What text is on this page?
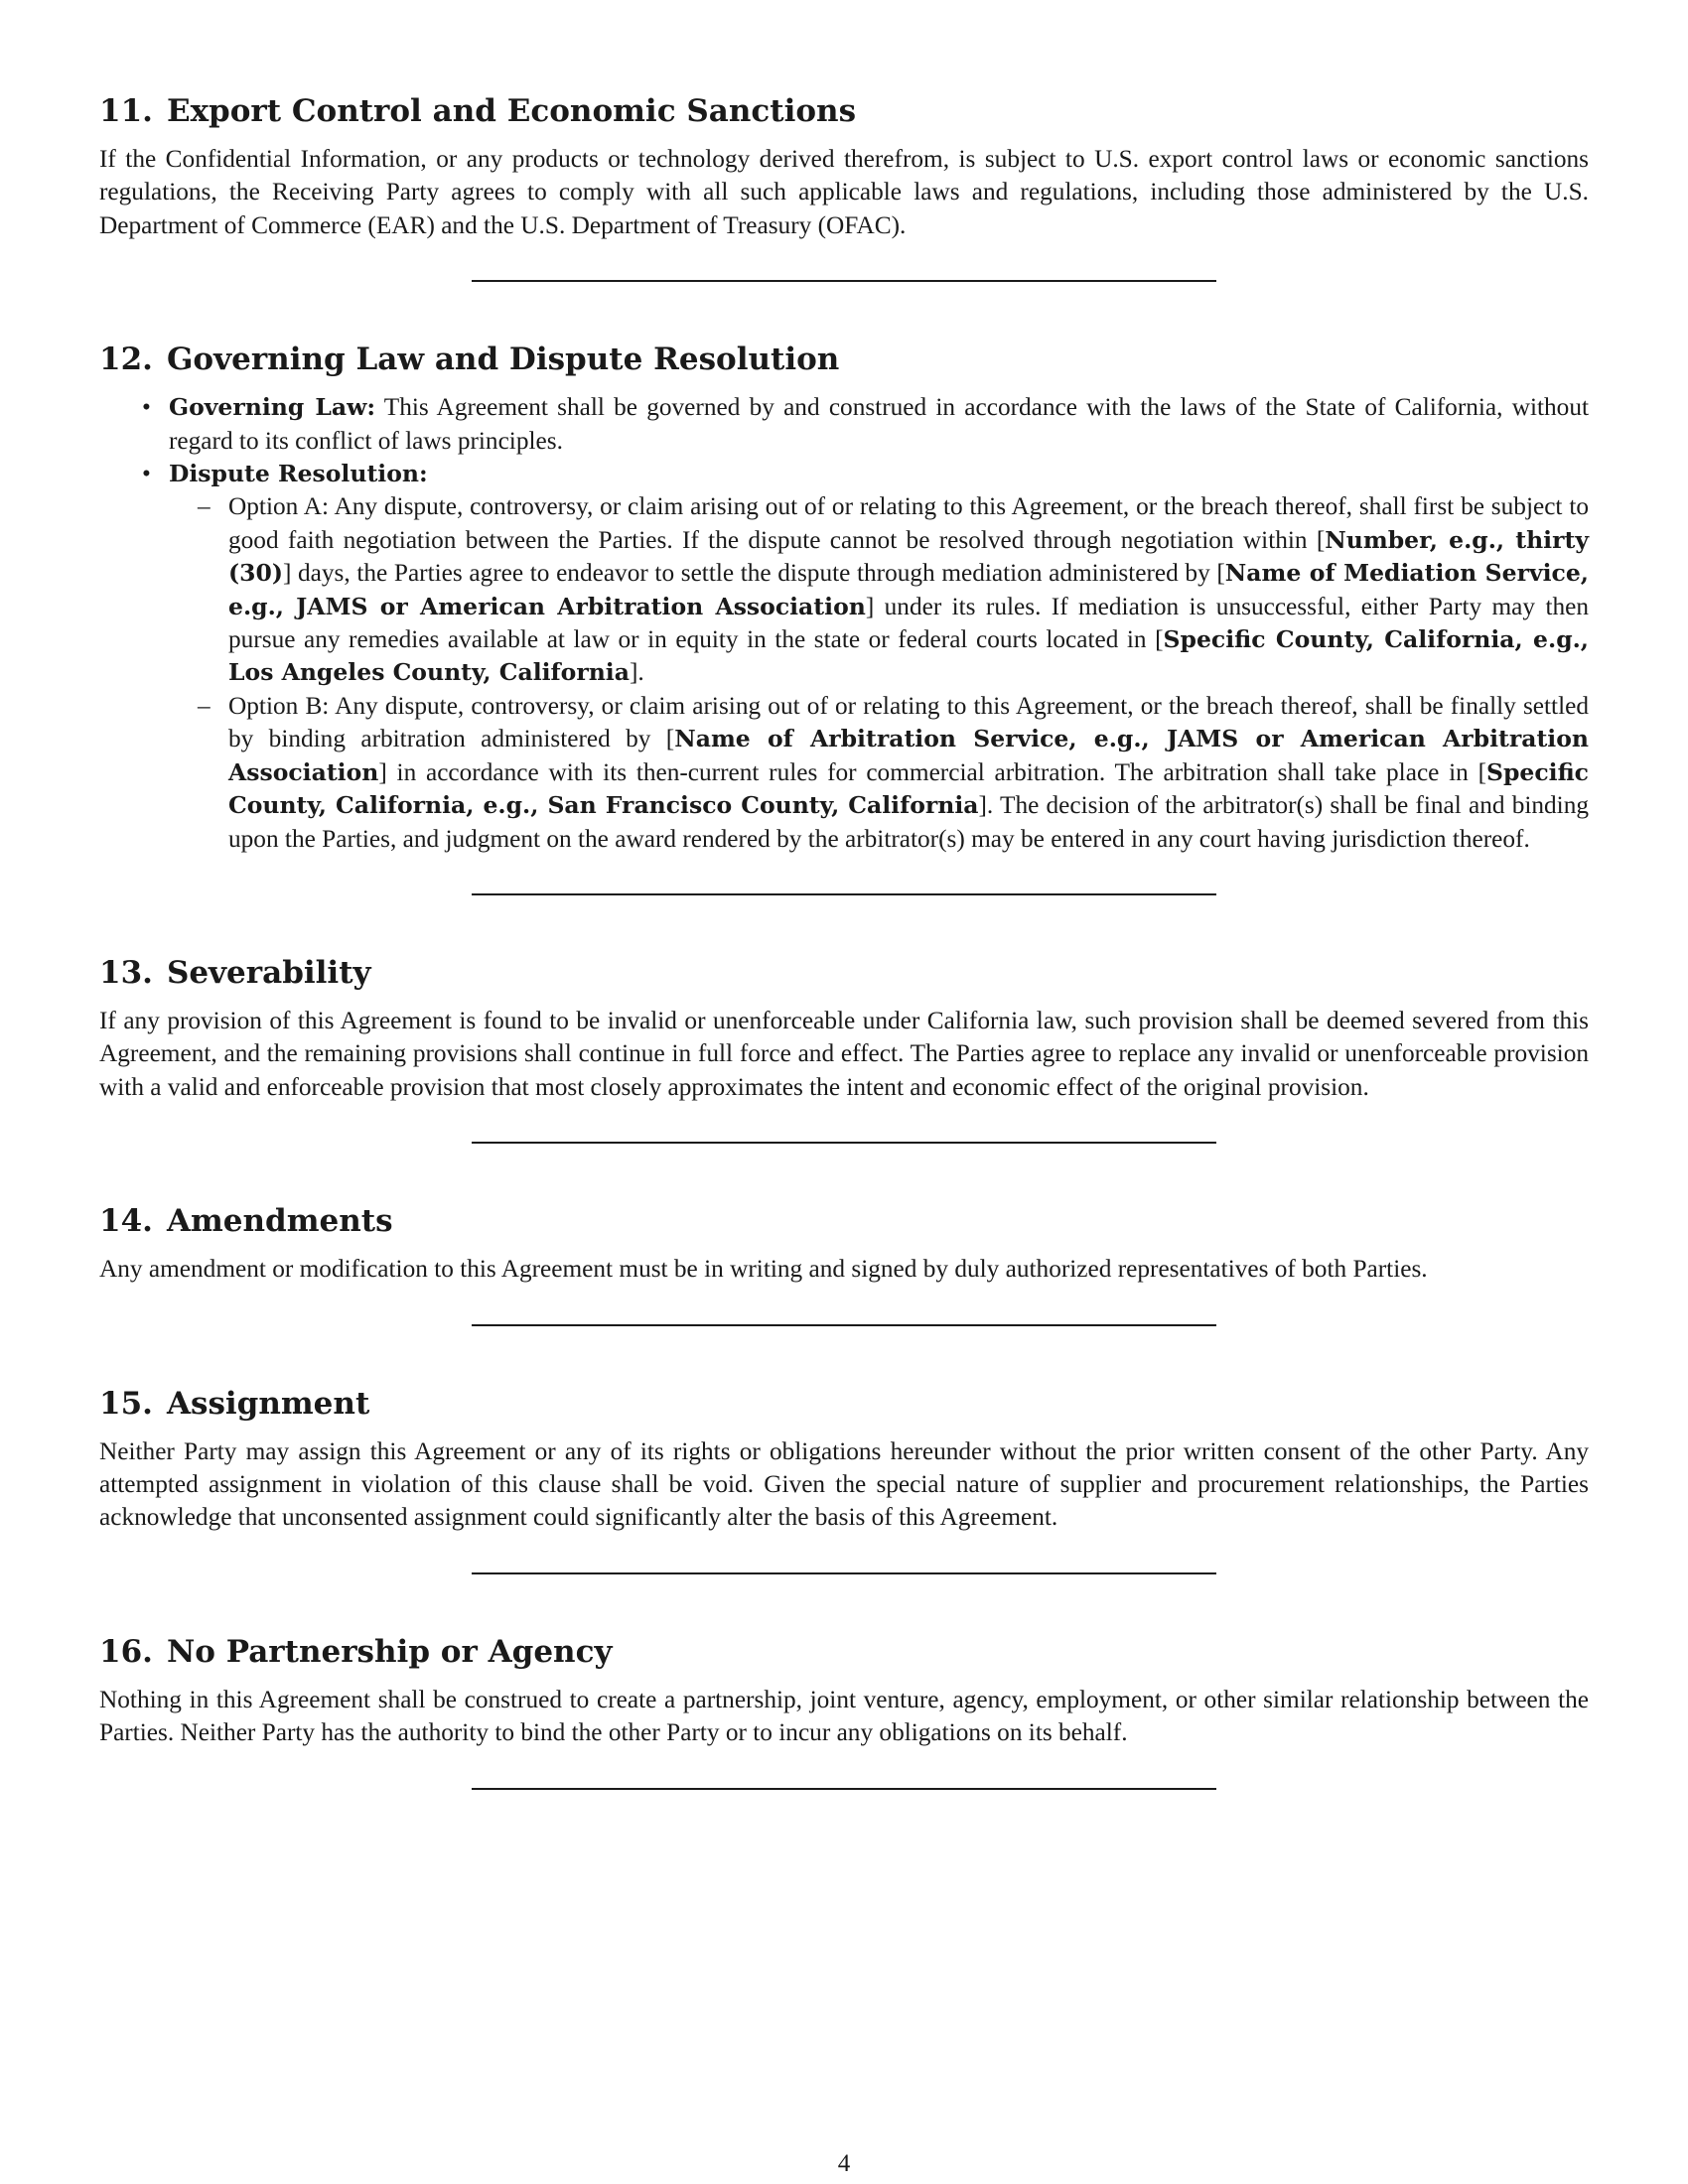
11. Export Control and Economic Sanctions

If the Confidential Information, or any products or technology derived therefrom, is subject to U.S. export control laws or economic sanctions regulations, the Receiving Party agrees to comply with all such applicable laws and regulations, including those administered by the U.S. Department of Commerce (EAR) and the U.S. Department of Treasury (OFAC).

12. Governing Law and Dispute Resolution
• Governing Law: This Agreement shall be governed by and construed in accordance with the laws of the State of California, without regard to its conflict of laws principles.
• Dispute Resolution:
– Option A: Any dispute, controversy, or claim arising out of or relating to this Agreement, or the breach thereof, shall first be subject to good faith negotiation between the Parties. If the dispute cannot be resolved through negotiation within [Number, e.g., thirty (30)] days, the Parties agree to endeavor to settle the dispute through mediation administered by [Name of Mediation Service, e.g., JAMS or American Arbitration Association] under its rules. If mediation is unsuccessful, either Party may then pursue any remedies available at law or in equity in the state or federal courts located in [Specific County, California, e.g., Los Angeles County, California].
– Option B: Any dispute, controversy, or claim arising out of or relating to this Agreement, or the breach thereof, shall be finally settled by binding arbitration administered by [Name of Arbitration Service, e.g., JAMS or American Arbitration Association] in accordance with its then-current rules for commercial arbitration. The arbitration shall take place in [Specific County, California, e.g., San Francisco County, California]. The decision of the arbitrator(s) shall be final and binding upon the Parties, and judgment on the award rendered by the arbitrator(s) may be entered in any court having jurisdiction thereof.
13. Severability

If any provision of this Agreement is found to be invalid or unenforceable under California law, such provision shall be deemed severed from this Agreement, and the remaining provisions shall continue in full force and effect. The Parties agree to replace any invalid or unenforceable provision with a valid and enforceable provision that most closely approximates the intent and economic effect of the original provision.

14. Amendments

Any amendment or modification to this Agreement must be in writing and signed by duly authorized representatives of both Parties.

15. Assignment

Neither Party may assign this Agreement or any of its rights or obligations hereunder without the prior written consent of the other Party. Any attempted assignment in violation of this clause shall be void. Given the special nature of supplier and procurement relationships, the Parties acknowledge that unconsented assignment could significantly alter the basis of this Agreement.

16. No Partnership or Agency

Nothing in this Agreement shall be construed to create a partnership, joint venture, agency, employment, or other similar relationship between the Parties. Neither Party has the authority to bind the other Party or to incur any obligations on its behalf.

4
